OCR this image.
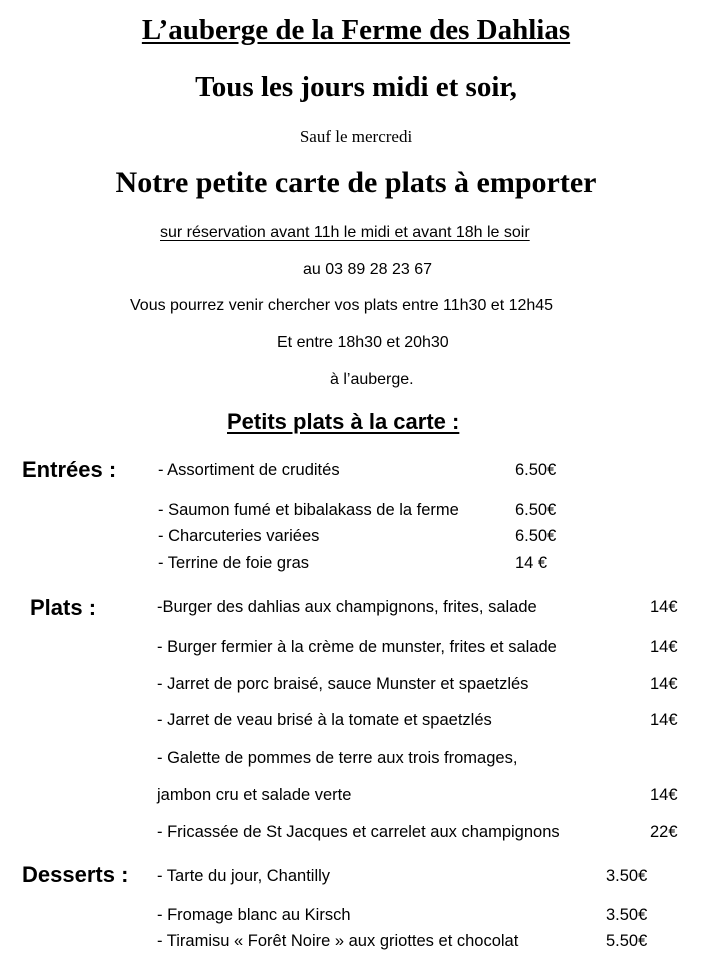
L’auberge de la Ferme des Dahlias
Tous les jours midi et soir,
Sauf le mercredi
Notre petite carte de plats à emporter
sur réservation avant 11h le midi et avant 18h le soir
au 03 89 28 23 67
Vous pourrez venir chercher vos plats entre 11h30 et 12h45
Et entre 18h30 et 20h30
à l’auberge.
Petits plats à la carte :
Entrées :	- Assortiment de crudités	6.50€
- Saumon fumé et bibalakass de la ferme	6.50€
- Charcuteries variées	6.50€
- Terrine de foie gras	14 €
Plats :	-Burger des dahlias aux champignons, frites, salade	14€
- Burger fermier à la crème de munster, frites et salade	14€
- Jarret de porc braisé, sauce Munster et spaetzlés	14€
- Jarret de veau brisé à la tomate et spaetzlés	14€
- Galette de pommes de terre aux trois fromages,
jambon cru et salade verte	14€
- Fricassée de St Jacques et carrelet aux champignons	22€
Desserts : - Tarte du jour, Chantilly	3.50€
- Fromage blanc au Kirsch	3.50€
- Tiramisu « Forêt Noire » aux griottes et chocolat	5.50€
